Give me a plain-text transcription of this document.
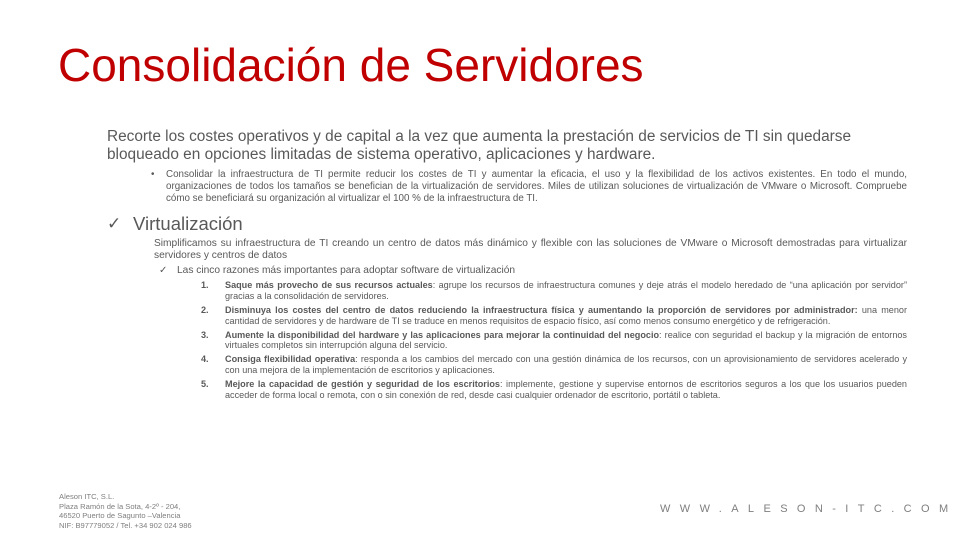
Consolidación de Servidores

Recorte los costes operativos y de capital a la vez que aumenta la prestación de servicios de TI sin quedarse bloqueado en opciones limitadas de sistema operativo, aplicaciones y hardware.

• Consolidar la infraestructura de TI permite reducir los costes de TI y aumentar la eficacia, el uso y la flexibilidad de los activos existentes. En todo el mundo, organizaciones de todos los tamaños se benefician de la virtualización de servidores. Miles de utilizan soluciones de virtualización de VMware o Microsoft. Compruebe cómo se beneficiará su organización al virtualizar el 100 % de la infraestructura de TI.
✓ Virtualización
Simplificamos su infraestructura de TI creando un centro de datos más dinámico y flexible con las soluciones de VMware o Microsoft demostradas para virtualizar servidores y centros de datos
✓ Las cinco razones más importantes para adoptar software de virtualización
1. Saque más provecho de sus recursos actuales: agrupe los recursos de infraestructura comunes y deje atrás el modelo heredado de “una aplicación por servidor” gracias a la consolidación de servidores.
2. Disminuya los costes del centro de datos reduciendo la infraestructura física y aumentando la proporción de servidores por administrador: una menor cantidad de servidores y de hardware de TI se traduce en menos requisitos de espacio físico, así como menos consumo energético y de refrigeración.
3. Aumente la disponibilidad del hardware y las aplicaciones para mejorar la continuidad del negocio: realice con seguridad el backup y la migración de entornos virtuales completos sin interrupción alguna del servicio.
4. Consiga flexibilidad operativa: responda a los cambios del mercado con una gestión dinámica de los recursos, con un aprovisionamiento de servidores acelerado y con una mejora de la implementación de escritorios y aplicaciones.
5. Mejore la capacidad de gestión y seguridad de los escritorios: implemente, gestione y supervise entornos de escritorios seguros a los que los usuarios pueden acceder de forma local o remota, con o sin conexión de red, desde casi cualquier ordenador de escritorio, portátil o tableta.
Aleson ITC, S.L.
Plaza Ramón de la Sota, 4-2º - 204,
46520 Puerto de Sagunto –Valencia
NIF: B97779052 / Tel. +34 902 024 986
WWW.ALESON-ITC.COM
